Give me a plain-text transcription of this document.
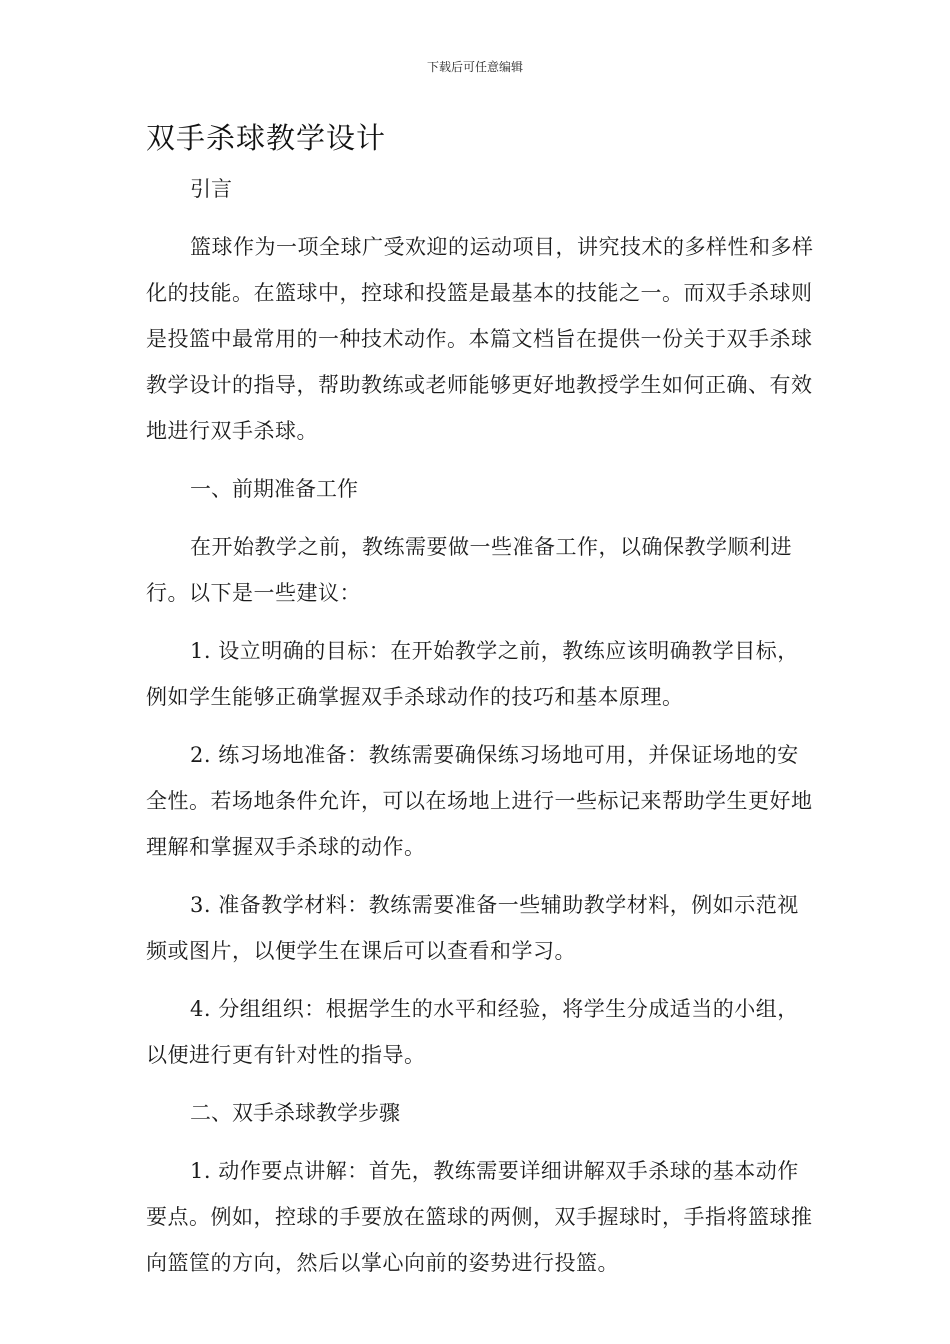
下载后可任意编辑
双手杀球教学设计
引言
篮球作为一项全球广受欢迎的运动项目，讲究技术的多样性和多样化的技能。在篮球中，控球和投篮是最基本的技能之一。而双手杀球则是投篮中最常用的一种技术动作。本篇文档旨在提供一份关于双手杀球教学设计的指导，帮助教练或老师能够更好地教授学生如何正确、有效地进行双手杀球。
一、前期准备工作
在开始教学之前，教练需要做一些准备工作，以确保教学顺利进行。以下是一些建议：
1. 设立明确的目标：在开始教学之前，教练应该明确教学目标，例如学生能够正确掌握双手杀球动作的技巧和基本原理。
2. 练习场地准备：教练需要确保练习场地可用，并保证场地的安全性。若场地条件允许，可以在场地上进行一些标记来帮助学生更好地理解和掌握双手杀球的动作。
3. 准备教学材料：教练需要准备一些辅助教学材料，例如示范视频或图片，以便学生在课后可以查看和学习。
4. 分组组织：根据学生的水平和经验，将学生分成适当的小组，以便进行更有针对性的指导。
二、双手杀球教学步骤
1. 动作要点讲解：首先，教练需要详细讲解双手杀球的基本动作要点。例如，控球的手要放在篮球的两侧，双手握球时，手指将篮球推向篮筐的方向，然后以掌心向前的姿势进行投篮。
